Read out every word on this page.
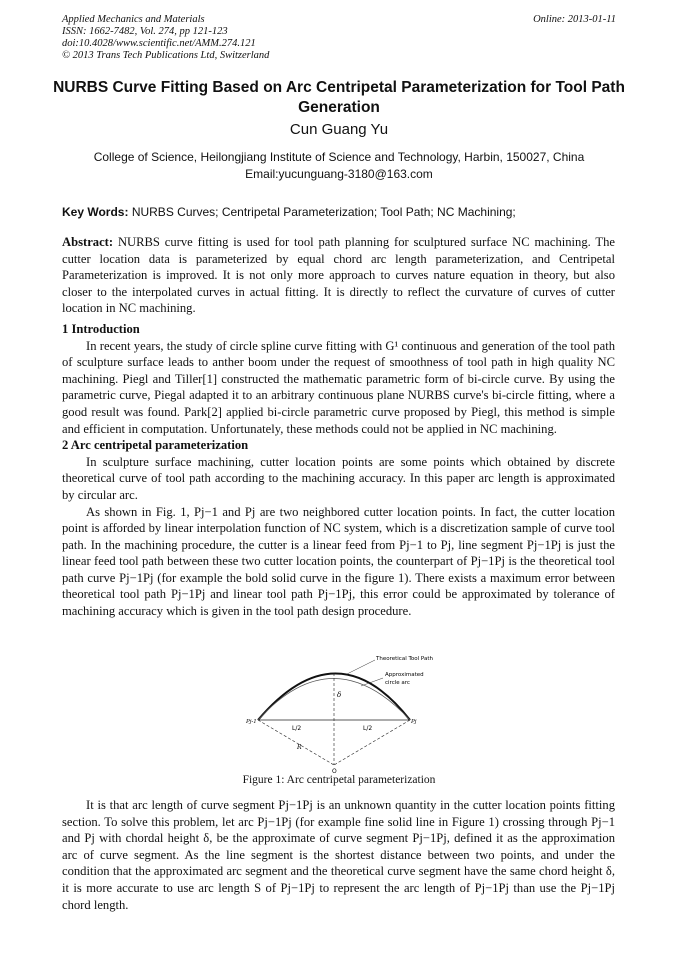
Applied Mechanics and Materials
ISSN: 1662-7482, Vol. 274, pp 121-123
doi:10.4028/www.scientific.net/AMM.274.121
© 2013 Trans Tech Publications Ltd, Switzerland
Online: 2013-01-11
NURBS Curve Fitting Based on Arc Centripetal Parameterization for Tool Path Generation
Cun Guang Yu
College of Science, Heilongjiang Institute of Science and Technology, Harbin, 150027, China
Email:yucunguang-3180@163.com
Key Words: NURBS Curves; Centripetal Parameterization; Tool Path; NC Machining;

Abstract: NURBS curve fitting is used for tool path planning for sculptured surface NC machining. The cutter location data is parameterized by equal chord arc length parameterization, and Centripetal Parameterization is improved. It is not only more approach to curves nature equation in theory, but also closer to the interpolated curves in actual fitting. It is directly to reflect the curvature of curves of cutter location in NC machining.

1 Introduction

In recent years, the study of circle spline curve fitting with G¹ continuous and generation of the tool path of sculpture surface leads to anther boom under the request of smoothness of tool path in high quality NC machining. Piegl and Tiller[1] constructed the mathematic parametric form of bi-circle curve. By using the parametric curve, Piegal adapted it to an arbitrary continuous plane NURBS curve's bi-circle fitting, where a good result was found. Park[2] applied bi-circle parametric curve proposed by Piegl, this method is simple and efficient in computation. Unfortunately, these methods could not be applied in NC machining.

2 Arc centripetal parameterization

In sculpture surface machining, cutter location points are some points which obtained by discrete theoretical curve of tool path according to the machining accuracy. In this paper arc length is approximated by circular arc.

As shown in Fig. 1, Pj−1 and Pj are two neighbored cutter location points. In fact, the cutter location point is afforded by linear interpolation function of NC system, which is a discretization sample of curve tool path. In the machining procedure, the cutter is a linear feed from Pj−1 to Pj, line segment Pj−1Pj is just the linear feed tool path between these two cutter location points, the counterpart of Pj−1Pj is the theoretical tool path curve Pj−1Pj (for example the bold solid curve in the figure 1). There exists a maximum error between theoretical tool path Pj−1Pj and linear tool path Pj−1Pj, this error could be approximated by tolerance of machining accuracy which is given in the tool path design procedure.

Theoretical Tool Path
Approximated
circle arc
δ
L/2	L/2
Pj-1	Pj
R
O
Figure 1: Arc centripetal parameterization

It is that arc length of curve segment Pj−1Pj is an unknown quantity in the cutter location points fitting section. To solve this problem, let arc Pj−1Pj (for example fine solid line in Figure 1) crossing through Pj−1 and Pj with chordal height δ, be the approximate of curve segment Pj−1Pj, defined it as the approximation arc of curve segment. As the line segment is the shortest distance between two points, and under the condition that the approximated arc segment and the theoretical curve segment have the same chord height δ, it is more accurate to use arc length S of Pj−1Pj to represent the arc length of Pj−1Pj than use the Pj−1Pj chord length.
